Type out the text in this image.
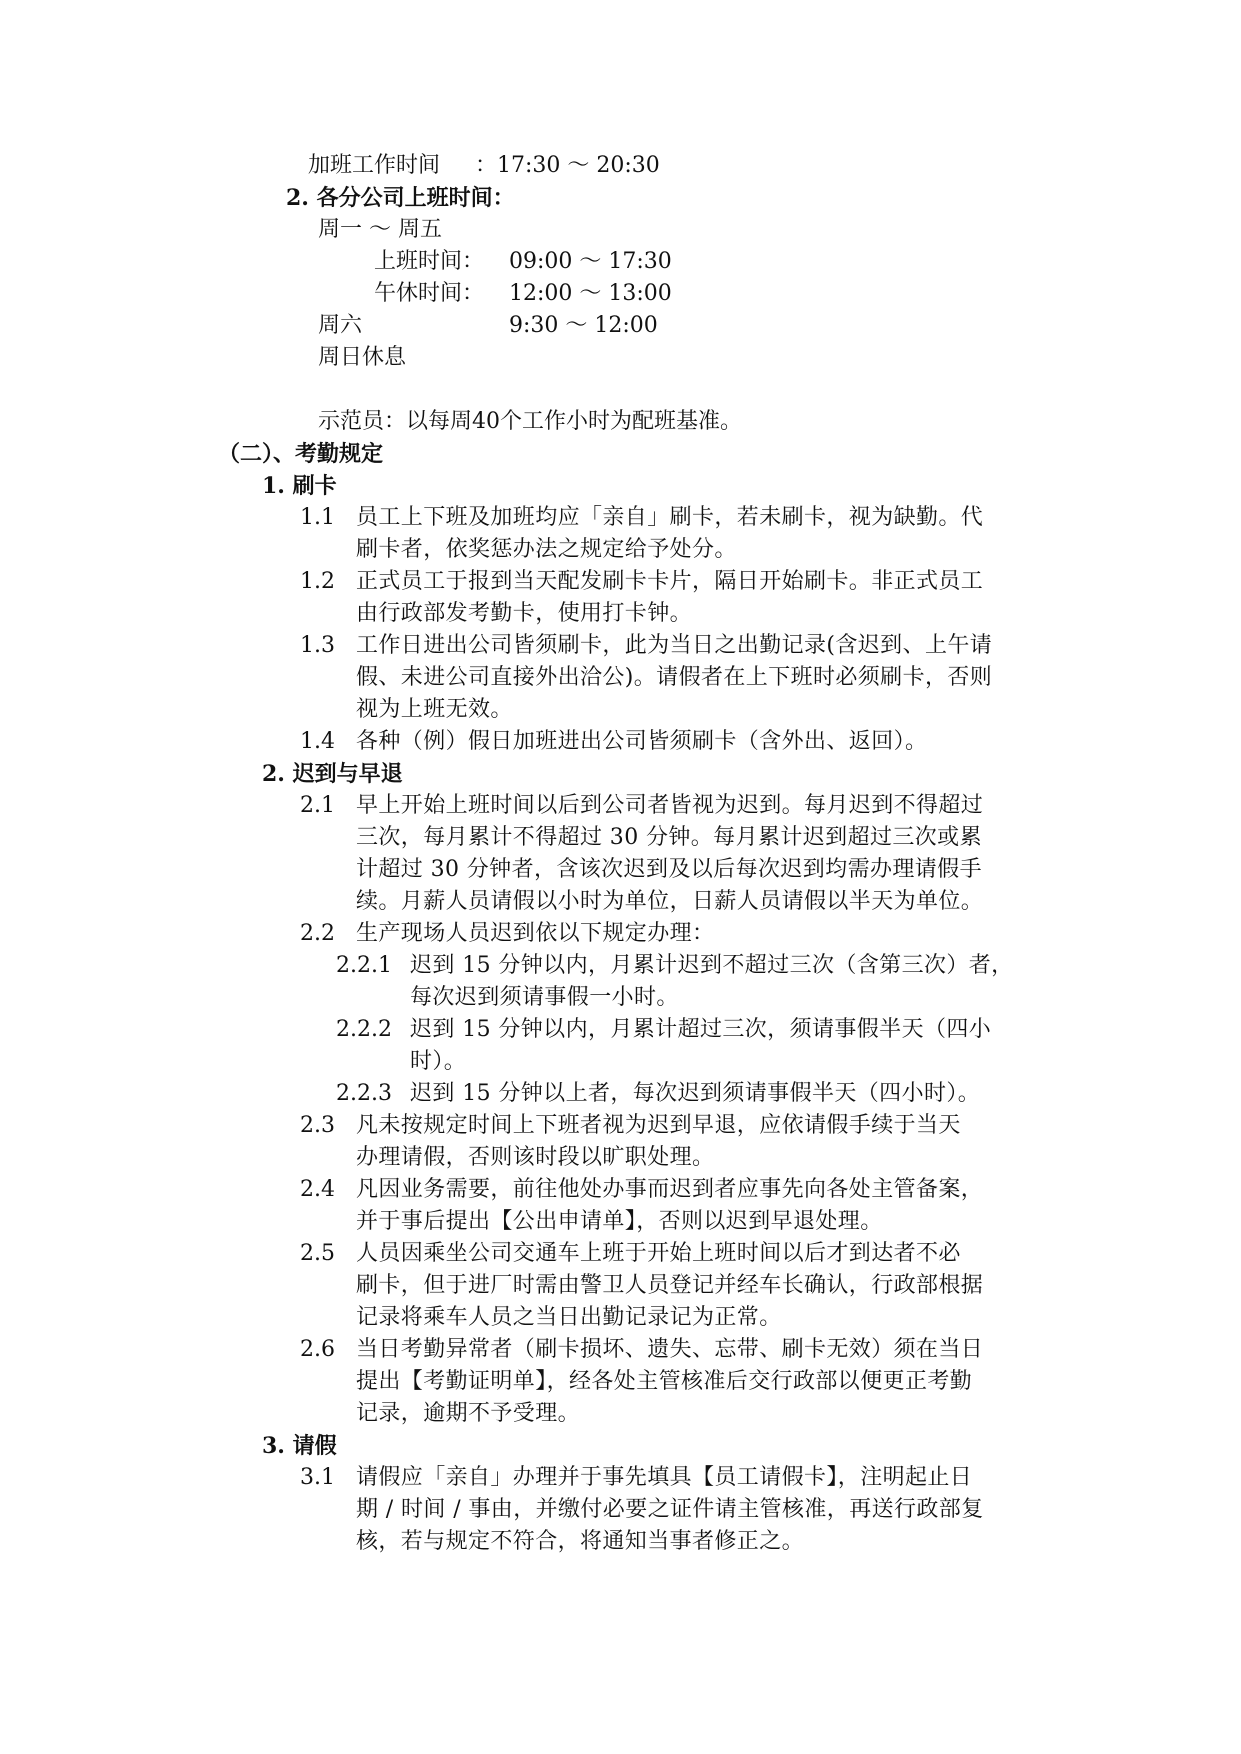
加班工作时间 ：17:30 ～ 20:30
2. 各分公司上班时间：
周一 ～ 周五
上班时间： 09:00 ～ 17:30
午休时间： 12:00 ～ 13:00
周六	9:30 ～ 12:00
周日休息
示范员：以每周40个工作小时为配班基准。
（二）、考勤规定
1. 刷卡
1.1 员工上下班及加班均应「亲自」刷卡，若未刷卡，视为缺勤。代
刷卡者，依奖惩办法之规定给予处分。
1.2 正式员工于报到当天配发刷卡卡片，隔日开始刷卡。非正式员工
由行政部发考勤卡，使用打卡钟。
1.3 工作日进出公司皆须刷卡，此为当日之出勤记录(含迟到、上午请
假、未进公司直接外出洽公)。请假者在上下班时必须刷卡，否则
视为上班无效。
1.4 各种（例）假日加班进出公司皆须刷卡（含外出、返回）。
2. 迟到与早退
2.1 早上开始上班时间以后到公司者皆视为迟到。每月迟到不得超过
三次，每月累计不得超过 30 分钟。每月累计迟到超过三次或累
计超过 30 分钟者，含该次迟到及以后每次迟到均需办理请假手
续。月薪人员请假以小时为单位，日薪人员请假以半天为单位。
2.2 生产现场人员迟到依以下规定办理：
2.2.1 迟到 15 分钟以内，月累计迟到不超过三次（含第三次）者，
每次迟到须请事假一小时。
2.2.2 迟到 15 分钟以内，月累计超过三次，须请事假半天（四小
时）。
2.2.3 迟到 15 分钟以上者，每次迟到须请事假半天（四小时）。
2.3 凡未按规定时间上下班者视为迟到早退，应依请假手续于当天
办理请假，否则该时段以旷职处理。
2.4 凡因业务需要，前往他处办事而迟到者应事先向各处主管备案，
并于事后提出【公出申请单】，否则以迟到早退处理。
2.5 人员因乘坐公司交通车上班于开始上班时间以后才到达者不必
刷卡，但于进厂时需由警卫人员登记并经车长确认，行政部根据
记录将乘车人员之当日出勤记录记为正常。
2.6 当日考勤异常者（刷卡损坏、遗失、忘带、刷卡无效）须在当日
提出【考勤证明单】，经各处主管核准后交行政部以便更正考勤
记录，逾期不予受理。
3. 请假
3.1 请假应「亲自」办理并于事先填具【员工请假卡】，注明起止日
期 / 时间 / 事由，并缴付必要之证件请主管核准，再送行政部复
核，若与规定不符合，将通知当事者修正之。
